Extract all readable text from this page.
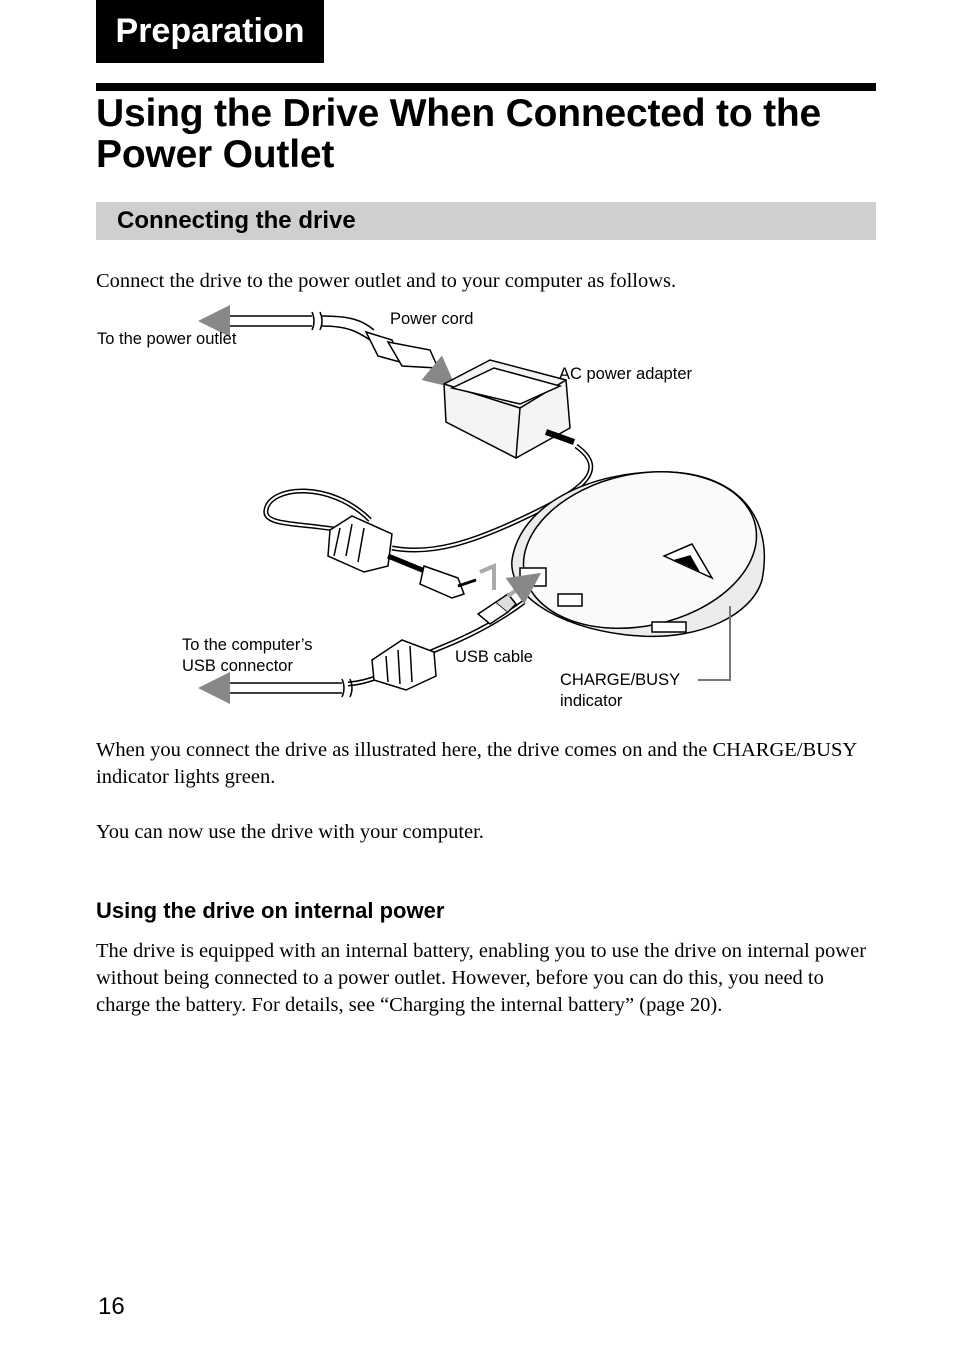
Preparation
Using the Drive When Connected to the
Power Outlet
Connecting the drive

Connect the drive to the power outlet and to your computer as follows.

To the power outlet
Power cord
AC power adapter
To the computer’s
USB connector	USB cable
CHARGE/BUSY
indicator

When you connect the drive as illustrated here, the drive comes on and the CHARGE/BUSY indicator lights green.

You can now use the drive with your computer.

Using the drive on internal power

The drive is equipped with an internal battery, enabling you to use the drive on internal power without being connected to a power outlet. However, before you can do this, you need to charge the battery. For details, see “Charging the internal battery” (page 20).

16
